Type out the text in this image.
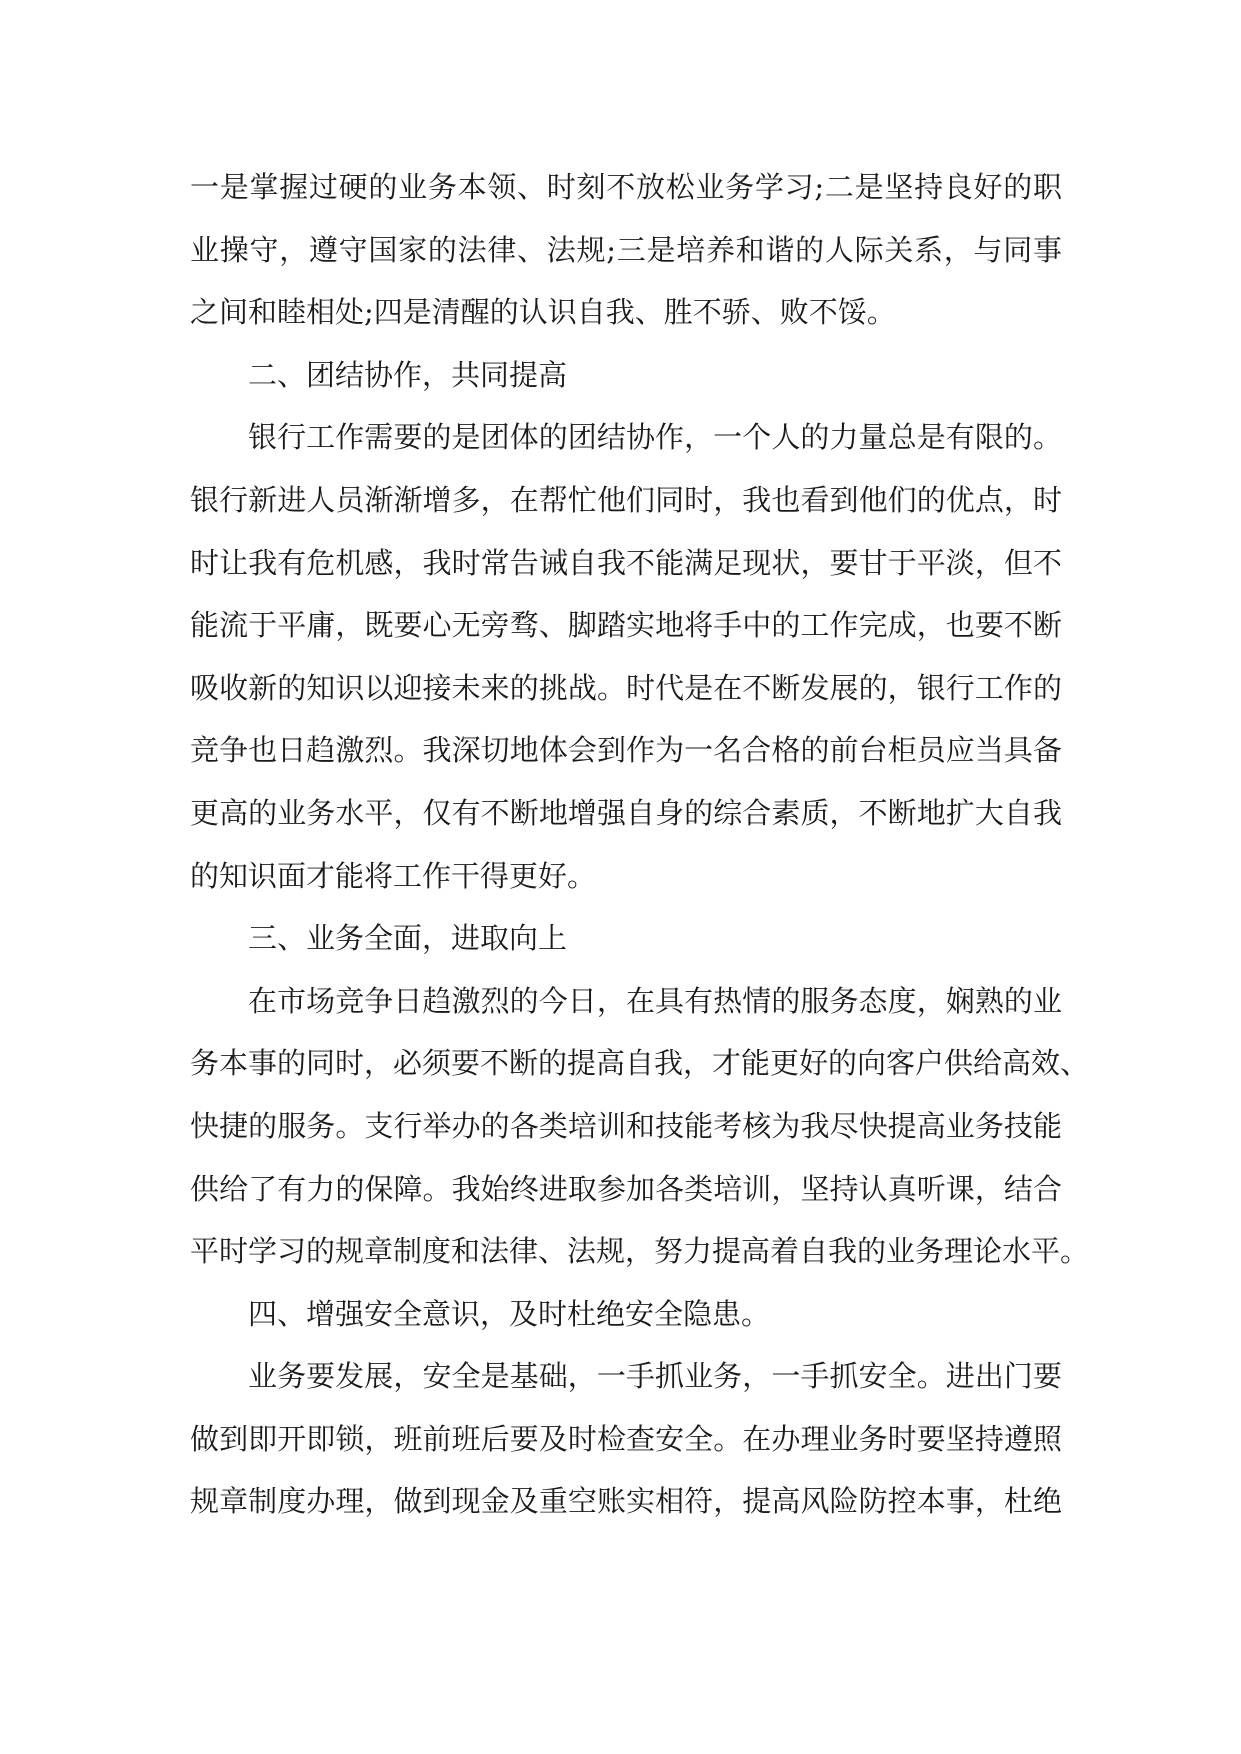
一是掌握过硬的业务本领、时刻不放松业务学习;二是坚持良好的职
业操守，遵守国家的法律、法规;三是培养和谐的人际关系，与同事
之间和睦相处;四是清醒的认识自我、胜不骄、败不馁。
二、团结协作，共同提高
银行工作需要的是团体的团结协作，一个人的力量总是有限的。
银行新进人员渐渐增多，在帮忙他们同时，我也看到他们的优点，时
时让我有危机感，我时常告诫自我不能满足现状，要甘于平淡，但不
能流于平庸，既要心无旁骛、脚踏实地将手中的工作完成，也要不断
吸收新的知识以迎接未来的挑战。时代是在不断发展的，银行工作的
竞争也日趋激烈。我深切地体会到作为一名合格的前台柜员应当具备
更高的业务水平，仅有不断地增强自身的综合素质，不断地扩大自我
的知识面才能将工作干得更好。
三、业务全面，进取向上
在市场竞争日趋激烈的今日，在具有热情的服务态度，娴熟的业
务本事的同时，必须要不断的提高自我，才能更好的向客户供给高效、
快捷的服务。支行举办的各类培训和技能考核为我尽快提高业务技能
供给了有力的保障。我始终进取参加各类培训，坚持认真听课，结合
平时学习的规章制度和法律、法规，努力提高着自我的业务理论水平。
四、增强安全意识，及时杜绝安全隐患。
业务要发展，安全是基础，一手抓业务，一手抓安全。进出门要
做到即开即锁，班前班后要及时检查安全。在办理业务时要坚持遵照
规章制度办理，做到现金及重空账实相符，提高风险防控本事，杜绝
